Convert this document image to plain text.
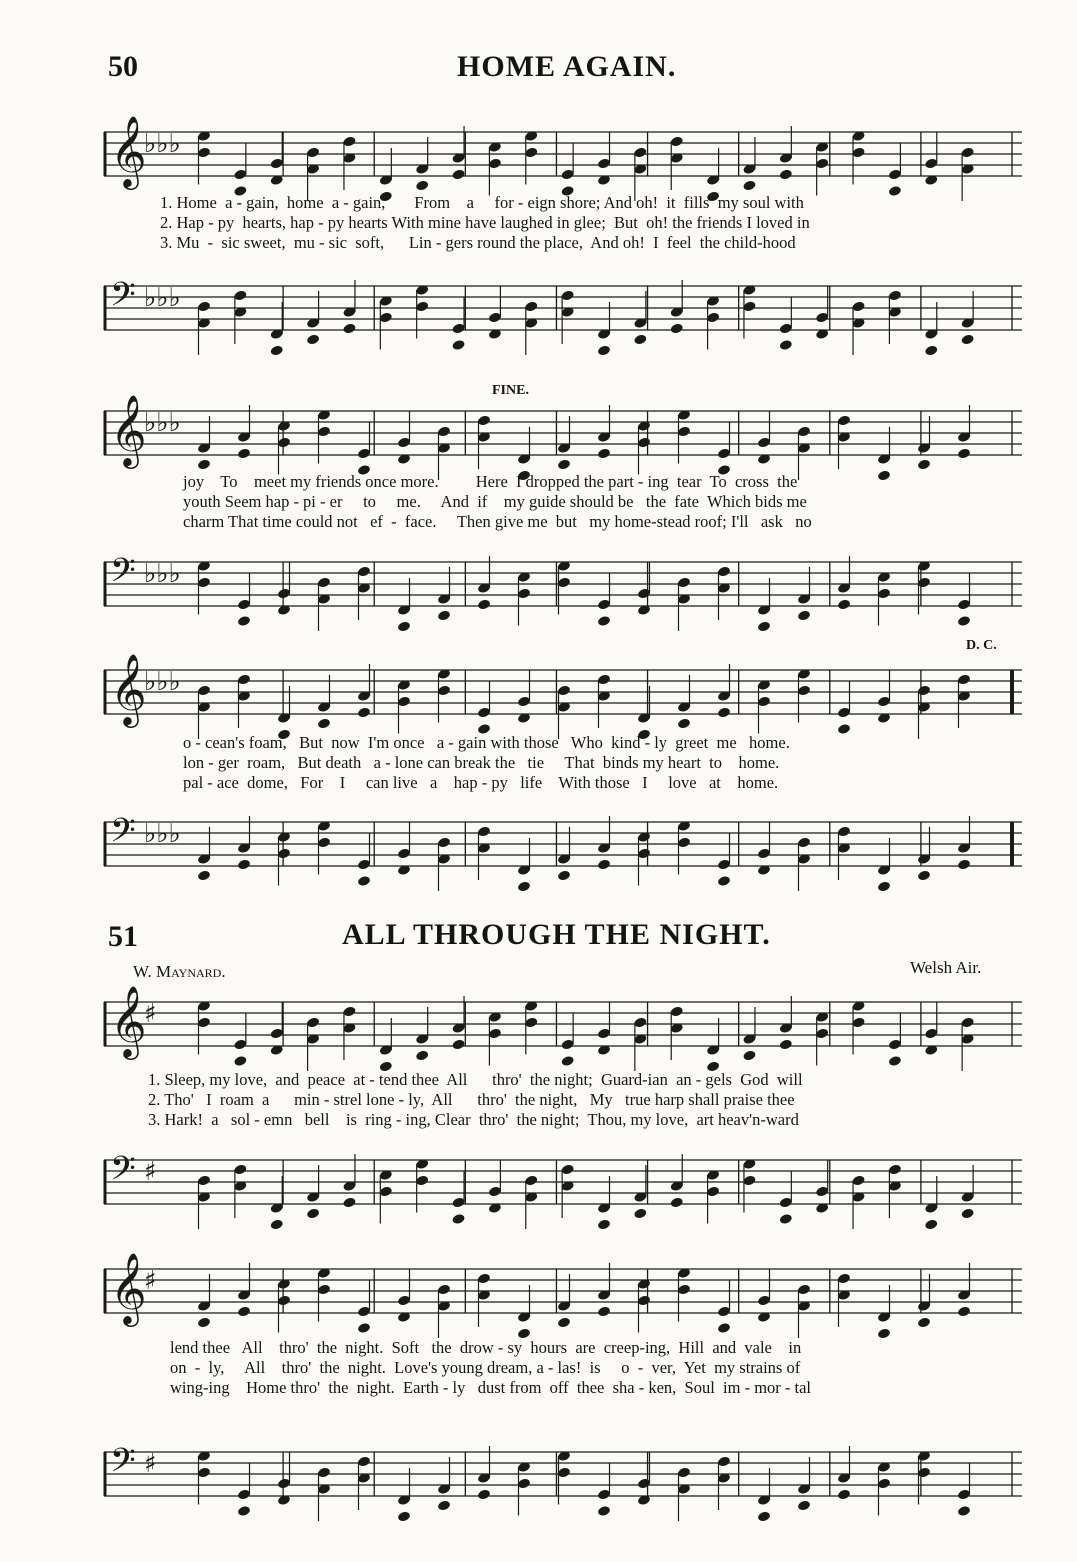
50	HOME AGAIN.
𝄞
♭♭♭
1. Home  a - gain,  home  a - gain,       From    a     for - eign shore; And oh!  it  fills  my soul with
2. Hap - py  hearts, hap - py hearts With mine have laughed in glee;  But  oh! the friends I loved in
3. Mu  -  sic sweet,  mu - sic  soft,      Lin - gers round the place,  And oh!  I  feel  the child-hood
𝄢 ♭♭♭
FINE.
𝄞
♭♭♭
joy    To    meet my friends once more.         Here  I dropped the part - ing  tear  To  cross  the
youth Seem hap - pi - er     to     me.     And  if    my guide should be   the  fate  Which bids me
charm That time could not   ef  -  face.     Then give me  but   my home-stead roof; I'll   ask   no
𝄢 ♭♭♭
D. C.
𝄞
♭♭♭
o - cean's foam,   But  now  I'm once   a - gain with those   Who  kind - ly  greet  me   home.
lon - ger  roam,   But death   a - lone can break the   tie     That  binds my heart  to    home.
pal - ace  dome,   For    I     can live   a    hap - py   life    With those   I     love   at    home.
𝄢 ♭♭♭
51	ALL THROUGH THE NIGHT.
W. Maynard.	Welsh Air.
𝄞
♯
1. Sleep, my love,  and  peace  at - tend thee  All      thro'  the night;  Guard-ian  an - gels  God  will
2. Tho'   I  roam  a      min - strel lone - ly,  All      thro'  the night,   My   true harp shall praise thee
3. Hark!  a   sol - emn   bell    is  ring - ing, Clear  thro'  the night;  Thou, my love,  art heav'n-ward
𝄢 ♯
𝄞
♯
lend thee   All    thro'  the  night.  Soft   the  drow - sy  hours  are  creep-ing,  Hill  and  vale    in
on  -  ly,     All    thro'  the  night.  Love's young dream, a - las!  is     o  -  ver,  Yet  my strains of
wing-ing    Home thro'  the  night.  Earth - ly   dust from  off  thee  sha - ken,  Soul  im - mor - tal
𝄢 ♯
